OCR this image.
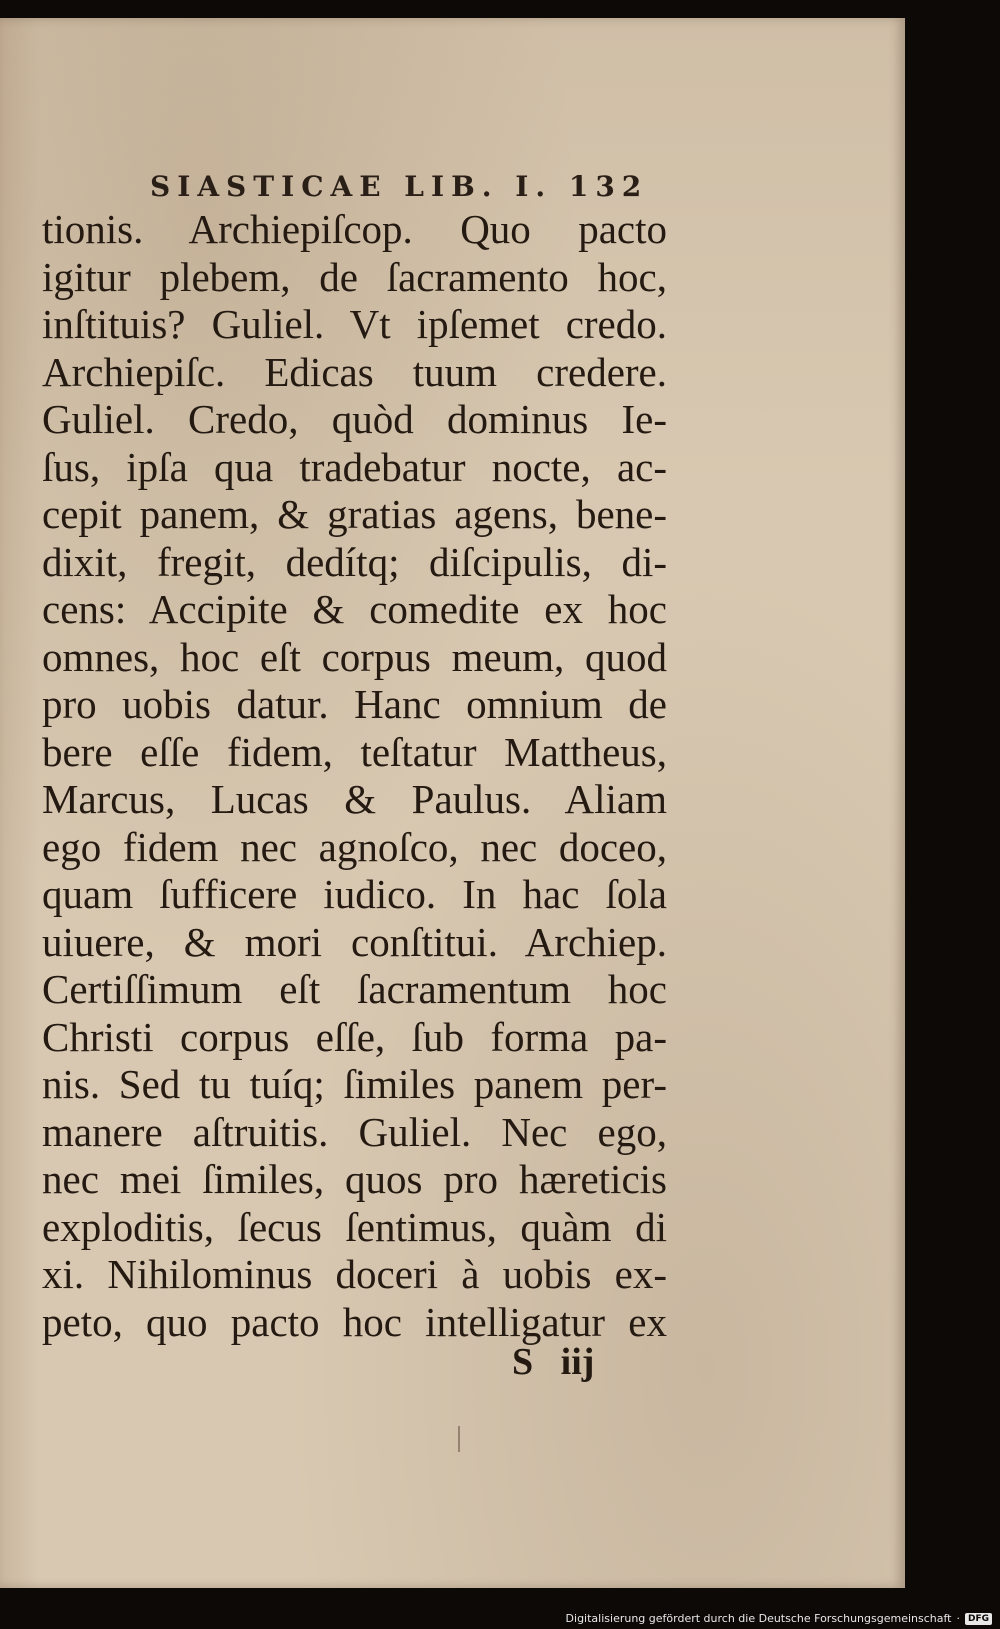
SIASTICAE LIB. I. 132
tionis. Archiepiſcop. Quo pacto
igitur plebem, de ſacramento hoc,
inſtituis? Guliel. Vt ipſemet credo.
Archiepiſc. Edicas tuum credere.
Guliel. Credo, quòd dominus Ie-
ſus, ipſa qua tradebatur nocte, ac-
cepit panem, & gratias agens, bene-
dixit, fregit, dedítq; diſcipulis, di-
cens: Accipite & comedite ex hoc
omnes, hoc eſt corpus meum, quod
pro uobis datur. Hanc omnium de
bere eſſe fidem, teſtatur Mattheus,
Marcus, Lucas & Paulus. Aliam
ego fidem nec agnoſco, nec doceo,
quam ſufficere iudico. In hac ſola
uiuere, & mori conſtitui. Archiep.
Certiſſimum eſt ſacramentum hoc
Christi corpus eſſe, ſub forma pa-
nis. Sed tu tuíq; ſimiles panem per-
manere aſtruitis. Guliel. Nec ego,
nec mei ſimiles, quos pro hæreticis
exploditis, ſecus ſentimus, quàm di
xi. Nihilominus doceri à uobis ex-
peto, quo pacto hoc intelligatur ex
S iij
Digitalisierung gefördert durch die Deutsche Forschungsgemeinschaft · DFG
